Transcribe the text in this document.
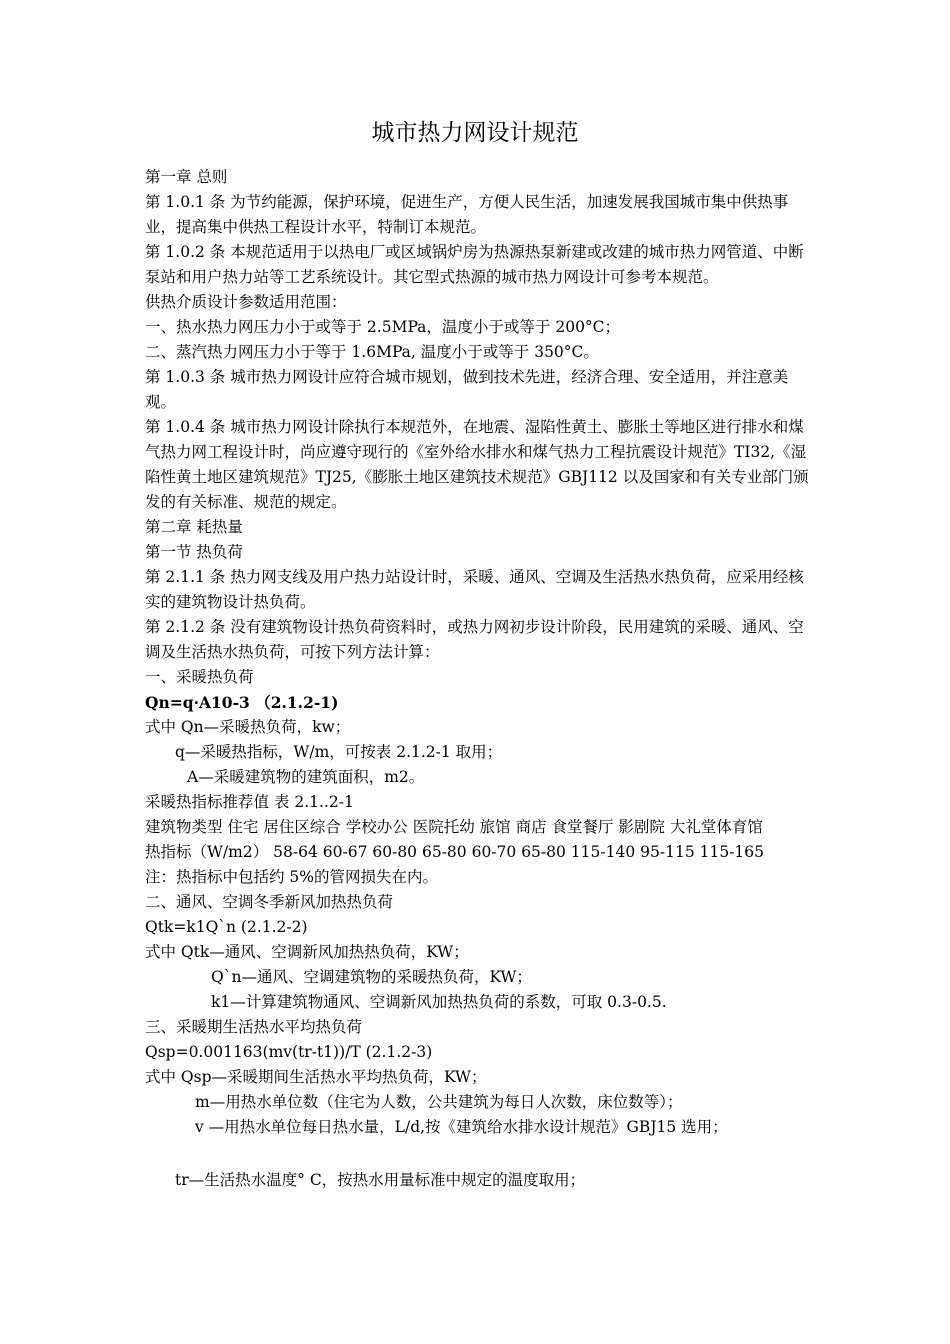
城市热力网设计规范

第一章 总则

第 1.0.1 条 为节约能源，保护环境，促进生产，方便人民生活，加速发展我国城市集中供热事业，提高集中供热工程设计水平，特制订本规范。

第 1.0.2 条 本规范适用于以热电厂或区域锅炉房为热源热泵新建或改建的城市热力网管道、中断泵站和用户热力站等工艺系统设计。其它型式热源的城市热力网设计可参考本规范。

供热介质设计参数适用范围：

一、热水热力网压力小于或等于 2.5MPa，温度小于或等于 200°C；

二、蒸汽热力网压力小于等于 1.6MPa, 温度小于或等于 350°C。

第 1.0.3 条 城市热力网设计应符合城市规划，做到技术先进，经济合理、安全适用，并注意美观。

第 1.0.4 条 城市热力网设计除执行本规范外，在地震、湿陷性黄土、膨胀土等地区进行排水和煤气热力网工程设计时，尚应遵守现行的《室外给水排水和煤气热力工程抗震设计规范》TI32,《湿陷性黄土地区建筑规范》TJ25,《膨胀土地区建筑技术规范》GBJ112 以及国家和有关专业部门颁发的有关标准、规范的规定。

第二章 耗热量

第一节 热负荷

第 2.1.1 条 热力网支线及用户热力站设计时，采暖、通风、空调及生活热水热负荷，应采用经核实的建筑物设计热负荷。

第 2.1.2 条 没有建筑物设计热负荷资料时，或热力网初步设计阶段，民用建筑的采暖、通风、空调及生活热水热负荷，可按下列方法计算：

一、采暖热负荷

Qn=q·A10-3 （2.1.2-1)

式中 Qn—采暖热负荷，kw；

q—采暖热指标，W/m，可按表 2.1.2-1 取用；

A—采暖建筑物的建筑面积，m2。

采暖热指标推荐值 表 2.1..2-1

建筑物类型 住宅 居住区综合 学校办公 医院托幼 旅馆 商店 食堂餐厅 影剧院 大礼堂体育馆

热指标（W/m2） 58-64 60-67 60-80 65-80 60-70 65-80 115-140 95-115 115-165

注：热指标中包括约 5%的管网损失在内。

二、通风、空调冬季新风加热热负荷

Qtk=k1Q`n (2.1.2-2)

式中 Qtk—通风、空调新风加热热负荷，KW；

Q`n—通风、空调建筑物的采暖热负荷，KW；

k1—计算建筑物通风、空调新风加热热负荷的系数，可取 0.3-0.5.

三、采暖期生活热水平均热负荷

Qsp=0.001163(mv(tr-t1))/T (2.1.2-3)

式中 Qsp—采暖期间生活热水平均热负荷，KW；

m—用热水单位数（住宅为人数，公共建筑为每日人次数，床位数等）；

v —用热水单位每日热水量，L/d,按《建筑给水排水设计规范》GBJ15 选用；

tr—生活热水温度° C，按热水用量标准中规定的温度取用；
